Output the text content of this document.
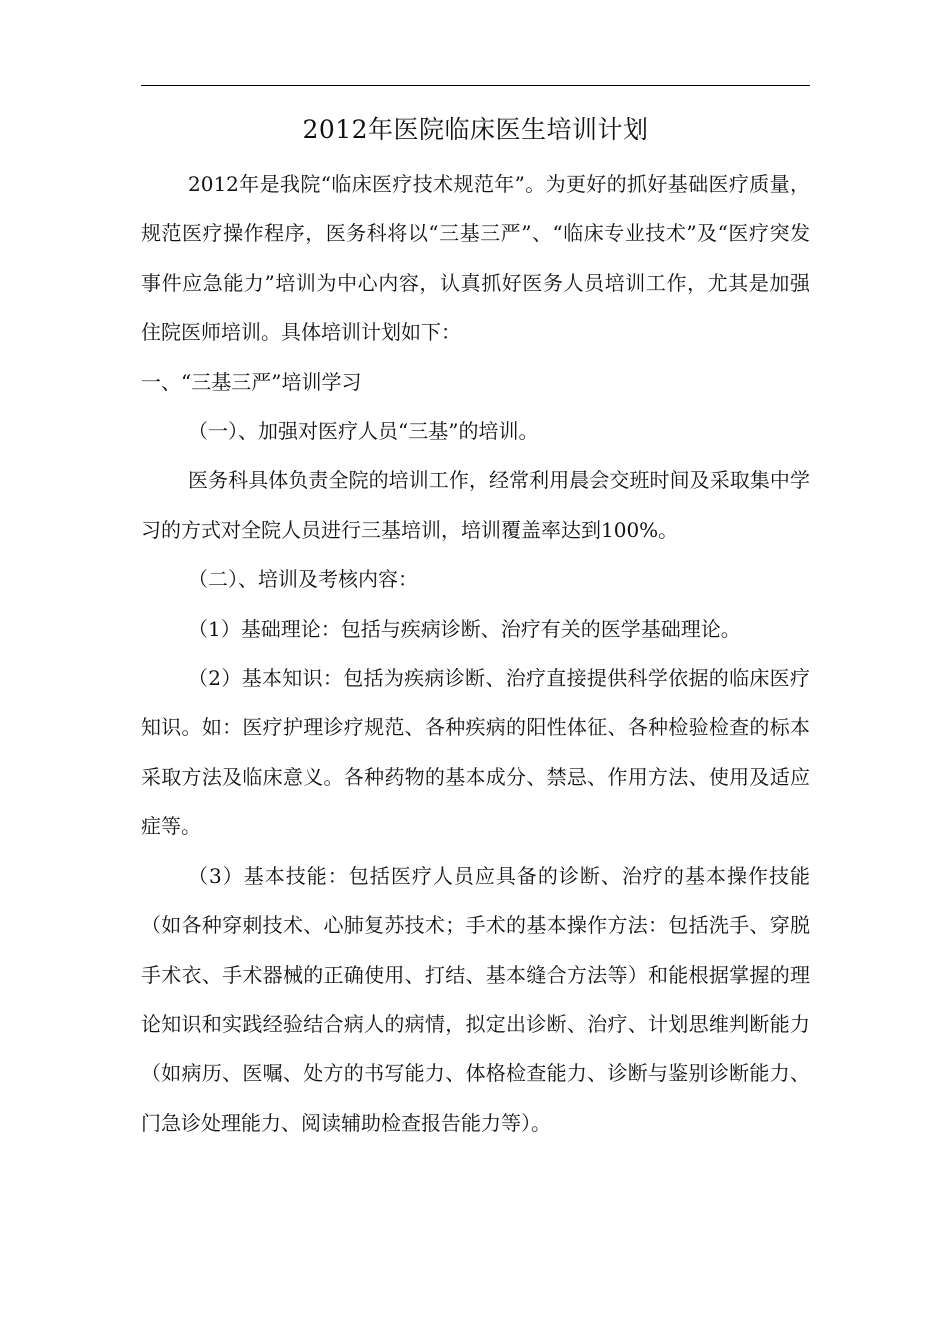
2012年医院临床医生培训计划

2012年是我院“临床医疗技术规范年”。为更好的抓好基础医疗质量，规范医疗操作程序，医务科将以“三基三严”、“临床专业技术”及“医疗突发事件应急能力”培训为中心内容，认真抓好医务人员培训工作，尤其是加强住院医师培训。具体培训计划如下：

一、“三基三严”培训学习

（一）、加强对医疗人员“三基”的培训。

医务科具体负责全院的培训工作，经常利用晨会交班时间及采取集中学习的方式对全院人员进行三基培训，培训覆盖率达到100%。

（二）、培训及考核内容：

（1）基础理论：包括与疾病诊断、治疗有关的医学基础理论。

（2）基本知识：包括为疾病诊断、治疗直接提供科学依据的临床医疗知识。如：医疗护理诊疗规范、各种疾病的阳性体征、各种检验检查的标本采取方法及临床意义。各种药物的基本成分、禁忌、作用方法、使用及适应症等。

（3）基本技能：包括医疗人员应具备的诊断、治疗的基本操作技能（如各种穿刺技术、心肺复苏技术；手术的基本操作方法：包括洗手、穿脱手术衣、手术器械的正确使用、打结、基本缝合方法等）和能根据掌握的理论知识和实践经验结合病人的病情，拟定出诊断、治疗、计划思维判断能力（如病历、医嘱、处方的书写能力、体格检查能力、诊断与鉴别诊断能力、门急诊处理能力、阅读辅助检查报告能力等）。
